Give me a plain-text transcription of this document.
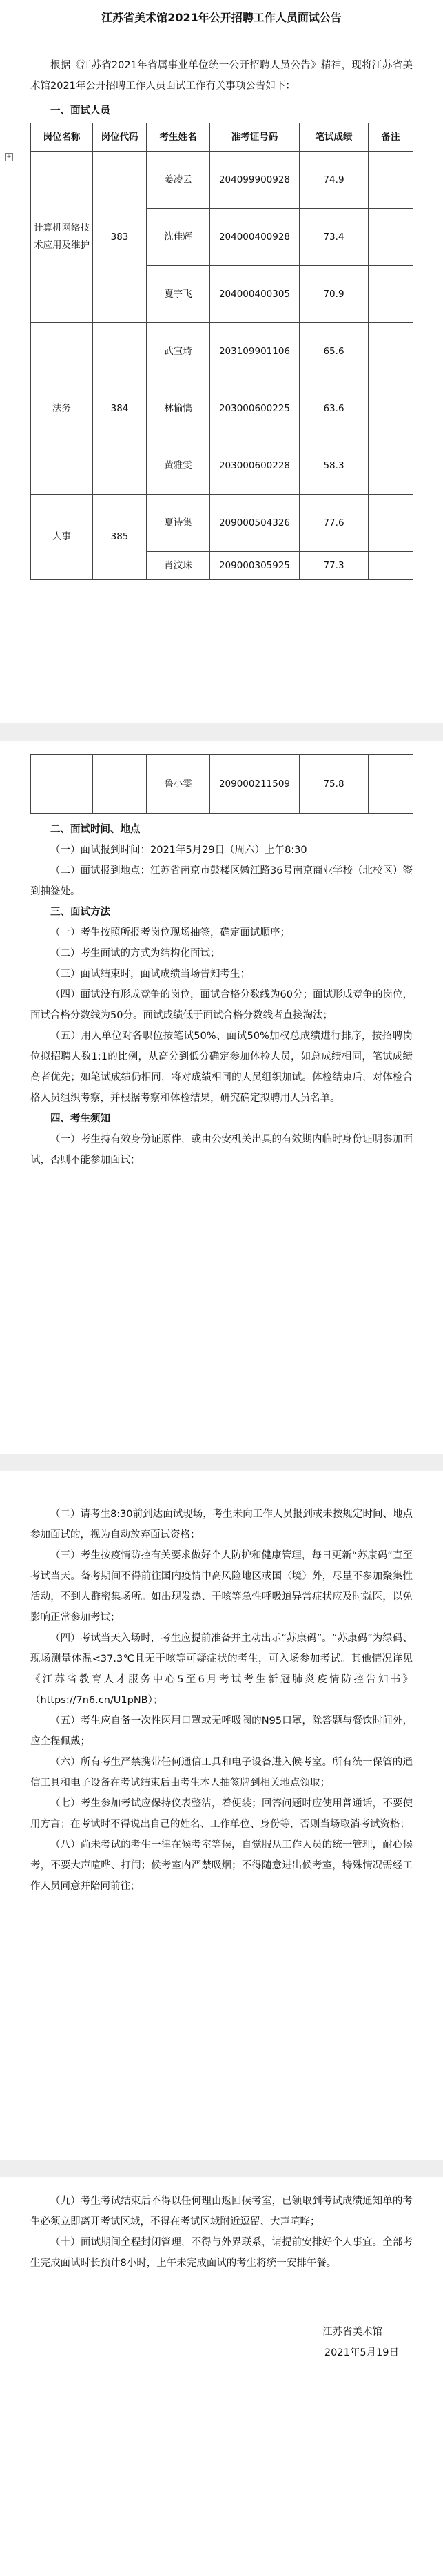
江苏省美术馆2021年公开招聘工作人员面试公告

根据《江苏省2021年省属事业单位统一公开招聘人员公告》精神，现将江苏省美术馆2021年公开招聘工作人员面试工作有关事项公告如下：

一、面试人员

+
岗位名称	岗位代码	考生姓名	准考证号码	笔试成绩	备注
计算机网络技术应用及维护	383	姜凌云	204099900928	74.9	
		沈佳辉	204000400928	73.4	
		夏宇飞	204000400305	70.9	
法务	384	武宣琦	203109901106	65.6	
		林愉懏	203000600225	63.6	
		黄雅雯	203000600228	58.3	
人事	385	夏诗集	209000504326	77.6	
		肖汶珠	209000305925	77.3	
		鲁小雯	209000211509	75.8	

二、面试时间、地点

（一）面试报到时间：2021年5月29日（周六）上午8:30

（二）面试报到地点：江苏省南京市鼓楼区嫩江路36号南京商业学校（北校区）签到抽签处。

三、面试方法

（一）考生按照所报考岗位现场抽签，确定面试顺序；

（二）考生面试的方式为结构化面试；

（三）面试结束时，面试成绩当场告知考生；

（四）面试没有形成竞争的岗位，面试合格分数线为60分；面试形成竞争的岗位，面试合格分数线为50分。面试成绩低于面试合格分数线者直接淘汰；

（五）用人单位对各职位按笔试50%、面试50%加权总成绩进行排序，按招聘岗位拟招聘人数1:1的比例，从高分到低分确定参加体检人员，如总成绩相同，笔试成绩高者优先；如笔试成绩仍相同，将对成绩相同的人员组织加试。体检结束后，对体检合格人员组织考察，并根据考察和体检结果，研究确定拟聘用人员名单。

四、考生须知

（一）考生持有效身份证原件，或由公安机关出具的有效期内临时身份证明参加面试，否则不能参加面试；

（二）请考生8:30前到达面试现场，考生未向工作人员报到或未按规定时间、地点参加面试的，视为自动放弃面试资格；

（三）考生按疫情防控有关要求做好个人防护和健康管理，每日更新“苏康码”直至考试当天。备考期间不得前往国内疫情中高风险地区或国（境）外，尽量不参加聚集性活动，不到人群密集场所。如出现发热、干咳等急性呼吸道异常症状应及时就医，以免影响正常参加考试；

（四）考试当天入场时，考生应提前准备并主动出示“苏康码”。“苏康码”为绿码、现场测量体温<37.3℃且无干咳等可疑症状的考生，可入场参加考试。其他情况详见《江苏省教育人才服务中心5至6月考试考生新冠肺炎疫情防控告知书》（https://7n6.cn/U1pNB）；

（五）考生应自备一次性医用口罩或无呼吸阀的N95口罩，除答题与餐饮时间外，应全程佩戴；

（六）所有考生严禁携带任何通信工具和电子设备进入候考室。所有统一保管的通信工具和电子设备在考试结束后由考生本人抽签牌到相关地点领取；

（七）考生参加考试应保持仪表整洁，着便装；回答问题时应使用普通话，不要使用方言；在考试时不得说出自己的姓名、工作单位、身份等，否则当场取消考试资格；

（八）尚未考试的考生一律在候考室等候，自觉服从工作人员的统一管理，耐心候考，不要大声喧哗、打闹；候考室内严禁吸烟；不得随意进出候考室，特殊情况需经工作人员同意并陪同前往；

（九）考生考试结束后不得以任何理由返回候考室，已领取到考试成绩通知单的考生必须立即离开考试区域，不得在考试区域附近逗留、大声喧哗；

（十）面试期间全程封闭管理，不得与外界联系，请提前安排好个人事宜。全部考生完成面试时长预计8小时，上午未完成面试的考生将统一安排午餐。

江苏省美术馆

2021年5月19日
